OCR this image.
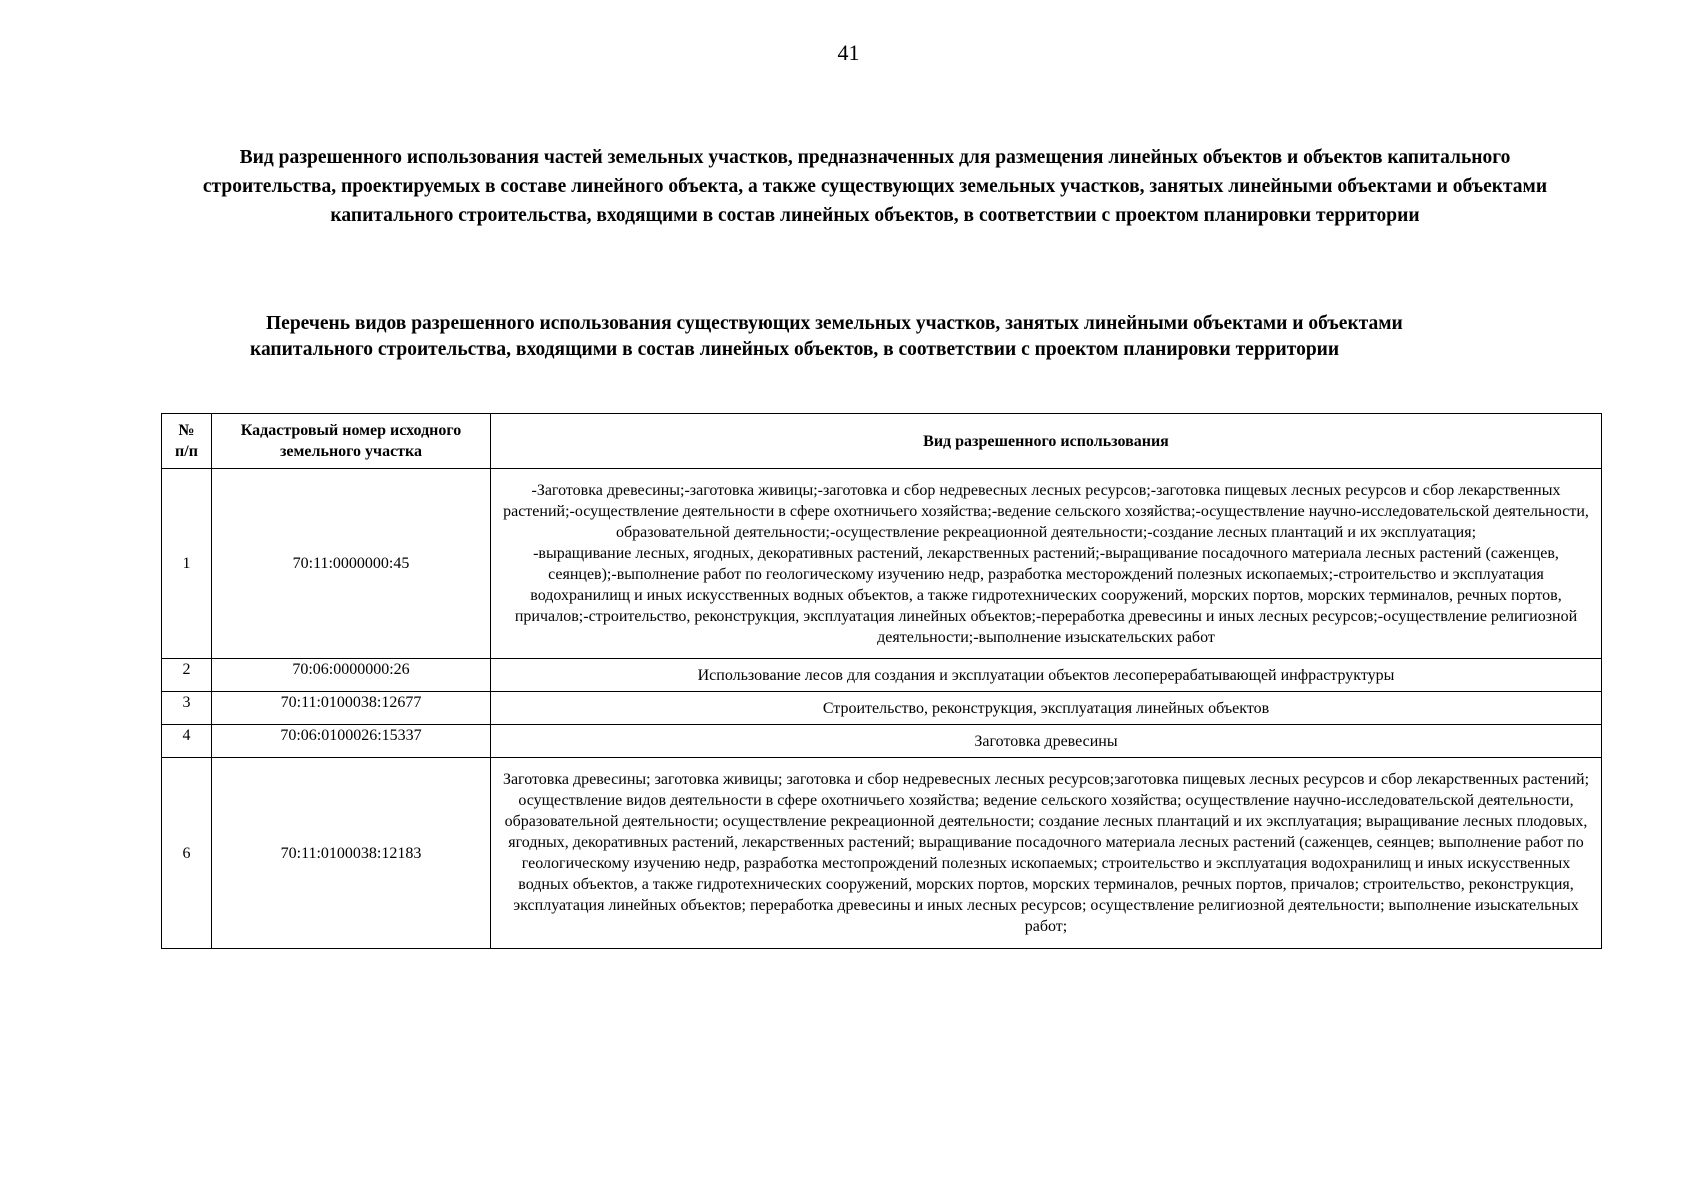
41
Вид разрешенного использования частей земельных участков, предназначенных для размещения линейных объектов и объектов капитального строительства, проектируемых в составе линейного объекта, а также существующих земельных участков, занятых линейными объектами и объектами капитального строительства, входящими в состав линейных объектов, в соответствии с проектом планировки территории
Перечень видов разрешенного использования существующих земельных участков, занятых линейными объектами и объектами
капитального строительства, входящими в состав линейных объектов, в соответствии с проектом планировки территории
№ п/п	Кадастровый номер исходного земельного участка	Вид разрешенного использования
1	70:11:0000000:45	-Заготовка древесины;-заготовка живицы;-заготовка и сбор недревесных лесных ресурсов;-заготовка пищевых лесных ресурсов и сбор лекарственных растений;-осуществление деятельности в сфере охотничьего хозяйства;-ведение сельского хозяйства;-осуществление научно-исследовательской деятельности, образовательной деятельности;-осуществление рекреационной деятельности;-создание лесных плантаций и их эксплуатация;
-выращивание лесных, ягодных, декоративных растений, лекарственных растений;-выращивание посадочного материала лесных растений (саженцев, сеянцев);-выполнение работ по геологическому изучению недр, разработка месторождений полезных ископаемых;-строительство и эксплуатация водохранилищ и иных искусственных водных объектов, а также гидротехнических сооружений, морских портов, морских терминалов, речных портов, причалов;-строительство, реконструкция, эксплуатация линейных объектов;-переработка древесины и иных лесных ресурсов;-осуществление религиозной деятельности;-выполнение изыскательских работ

2	70:06:0000000:26	Использование лесов для создания и эксплуатации объектов лесоперерабатывающей инфраструктуры
3	70:11:0100038:12677	Строительство, реконструкция, эксплуатация линейных объектов
4	70:06:0100026:15337	Заготовка древесины
6	70:11:0100038:12183	Заготовка древесины; заготовка живицы; заготовка и сбор недревесных лесных ресурсов;заготовка пищевых лесных ресурсов и сбор лекарственных растений; осуществление видов деятельности в сфере охотничьего хозяйства; ведение сельского хозяйства; осуществление научно-исследовательской деятельности, образовательной деятельности; осуществление рекреационной деятельности; создание лесных плантаций и их эксплуатация; выращивание лесных плодовых, ягодных, декоративных растений, лекарственных растений; выращивание посадочного материала лесных растений (саженцев, сеянцев; выполнение работ по геологическому изучению недр, разработка местопрождений полезных ископаемых; строительство и эксплуатация водохранилищ и иных искусственных водных объектов, а также гидротехнических сооружений, морских портов, морских терминалов, речных портов, причалов; строительство, реконструкция, эксплуатация линейных объектов; переработка древесины и иных лесных ресурсов; осуществление религиозной деятельности; выполнение изыскательных работ;
